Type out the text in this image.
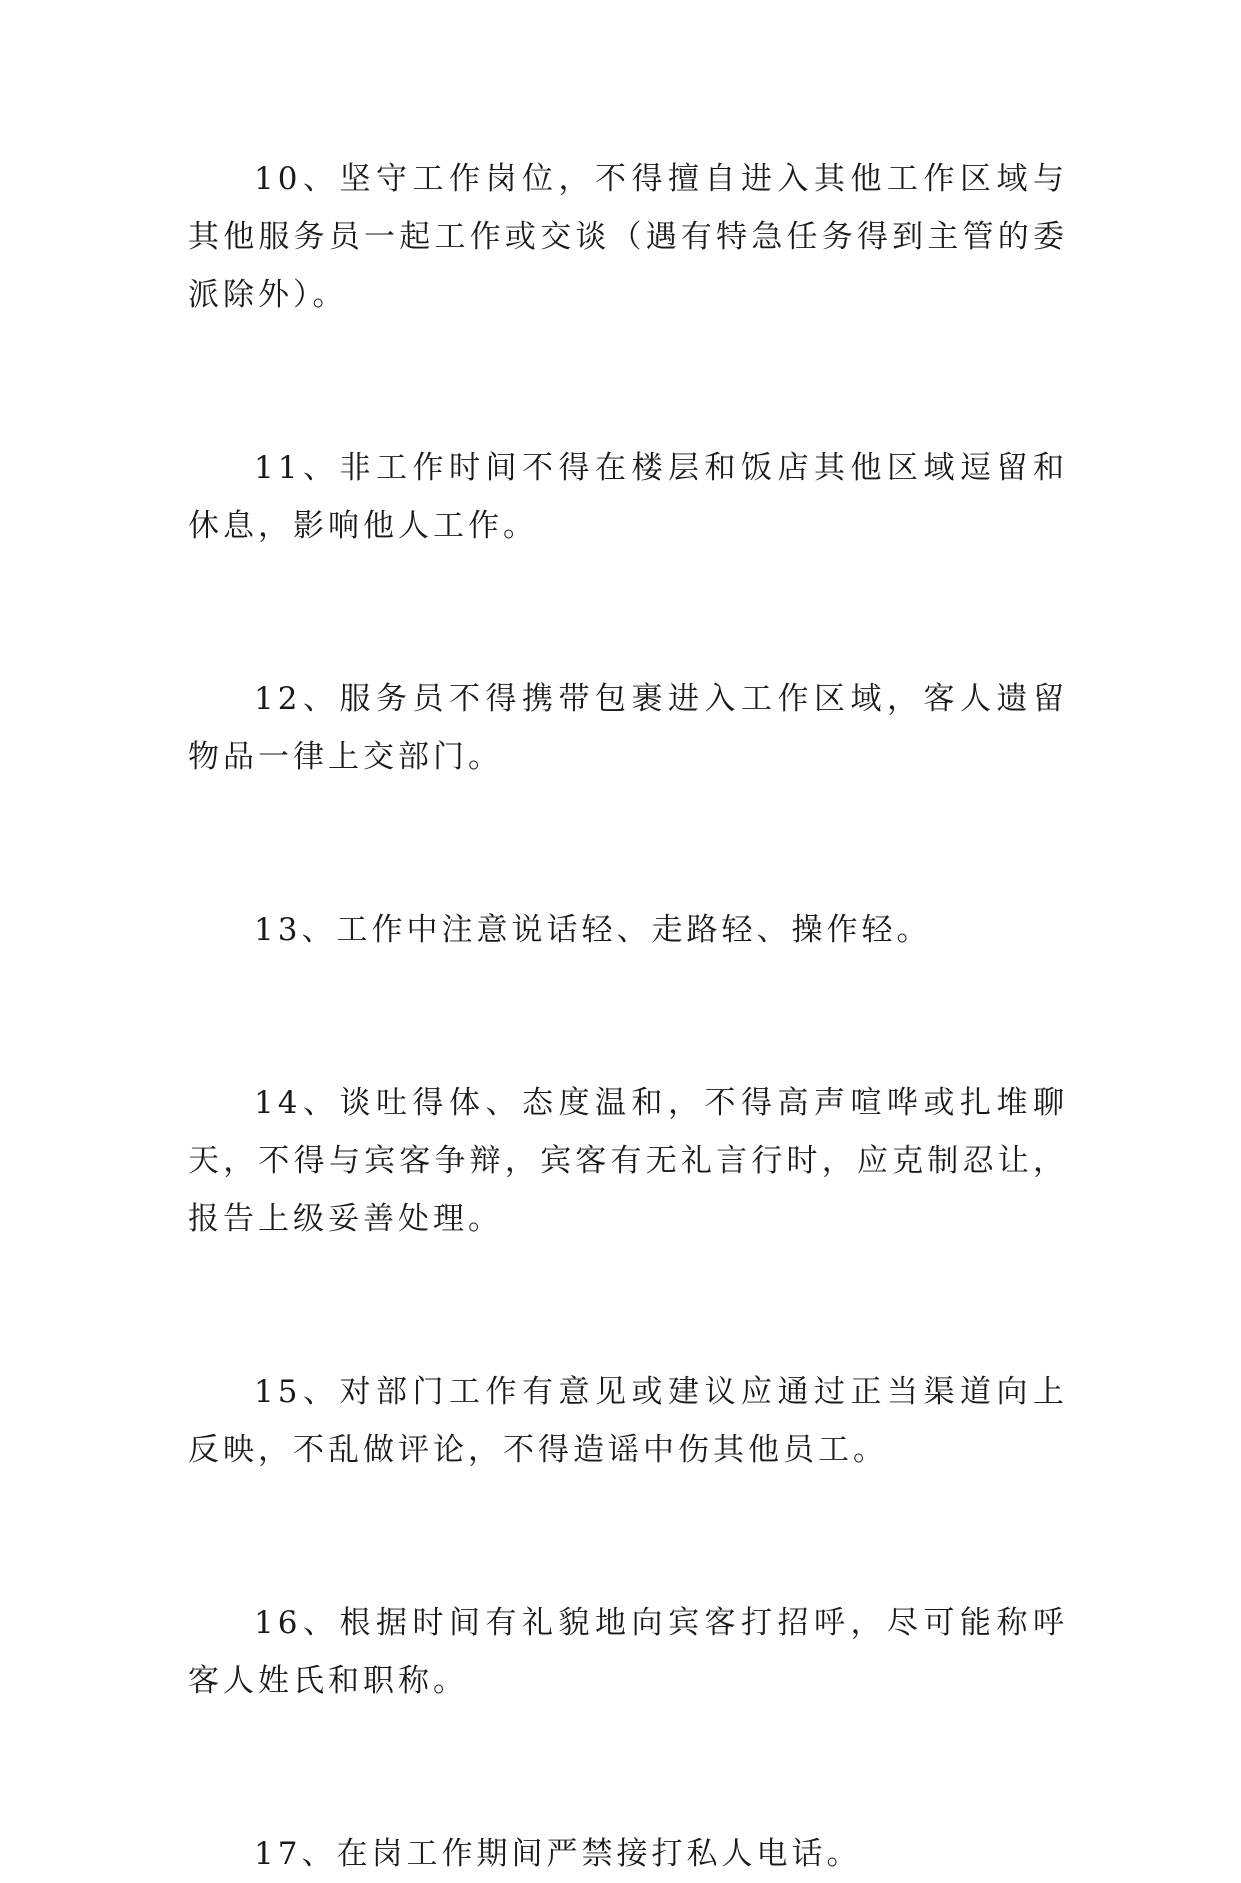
10、坚守工作岗位，不得擅自进入其他工作区域与其他服务员一起工作或交谈（遇有特急任务得到主管的委派除外）。

11、非工作时间不得在楼层和饭店其他区域逗留和休息，影响他人工作。

12、服务员不得携带包裹进入工作区域，客人遗留物品一律上交部门。

13、工作中注意说话轻、走路轻、操作轻。

14、谈吐得体、态度温和，不得高声喧哗或扎堆聊天，不得与宾客争辩，宾客有无礼言行时，应克制忍让，报告上级妥善处理。

15、对部门工作有意见或建议应通过正当渠道向上反映，不乱做评论，不得造谣中伤其他员工。

16、根据时间有礼貌地向宾客打招呼，尽可能称呼客人姓氏和职称。

17、在岗工作期间严禁接打私人电话。
